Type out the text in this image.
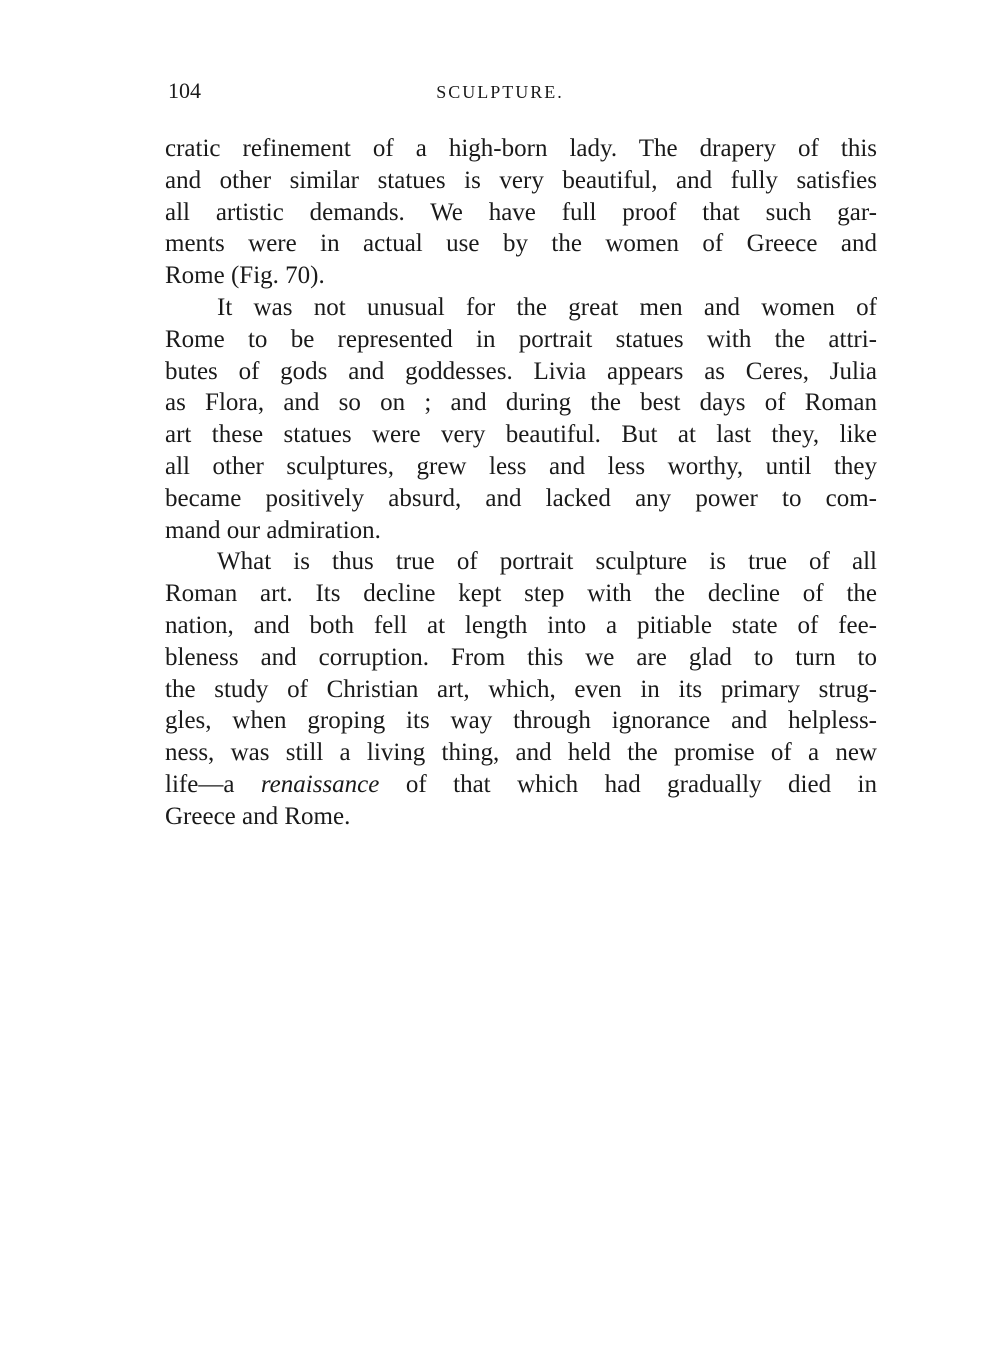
104	SCULPTURE.
cratic refinement of a high-born lady. The drapery of this
and other similar statues is very beautiful, and fully satisfies
all artistic demands. We have full proof that such gar-
ments were in actual use by the women of Greece and
Rome (Fig. 70).
It was not unusual for the great men and women of
Rome to be represented in portrait statues with the attri-
butes of gods and goddesses. Livia appears as Ceres, Julia
as Flora, and so on ; and during the best days of Roman
art these statues were very beautiful. But at last they, like
all other sculptures, grew less and less worthy, until they
became positively absurd, and lacked any power to com-
mand our admiration.
What is thus true of portrait sculpture is true of all
Roman art. Its decline kept step with the decline of the
nation, and both fell at length into a pitiable state of fee-
bleness and corruption. From this we are glad to turn to
the study of Christian art, which, even in its primary strug-
gles, when groping its way through ignorance and helpless-
ness, was still a living thing, and held the promise of a new
life—a renaissance of that which had gradually died in
Greece and Rome.
